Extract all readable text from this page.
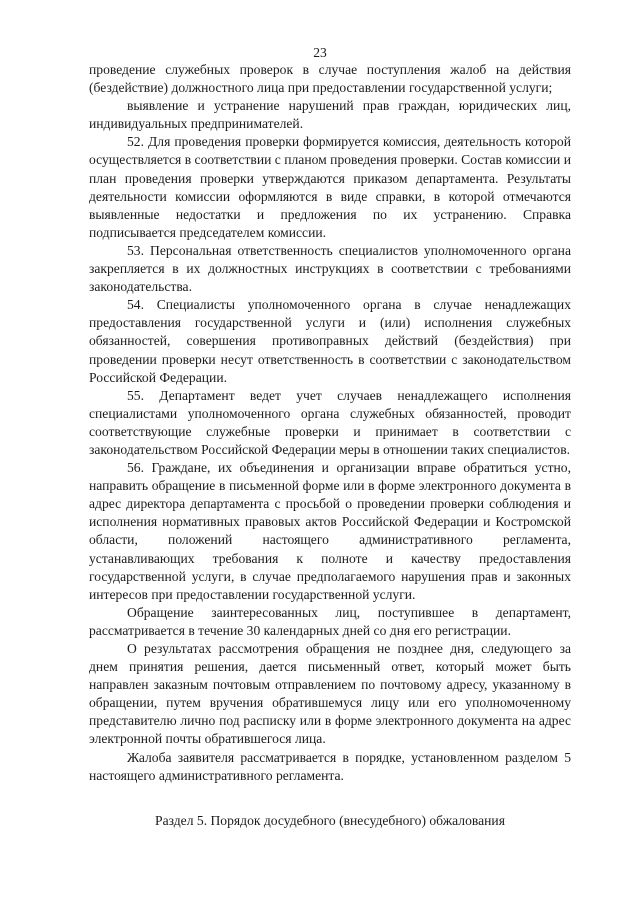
23

проведение служебных проверок в случае поступления жалоб на действия (бездействие) должностного лица при предоставлении государственной услуги;

выявление и устранение нарушений прав граждан, юридических лиц, индивидуальных предпринимателей.

52. Для проведения проверки формируется комиссия, деятельность которой осуществляется в соответствии с планом проведения проверки. Состав комиссии и план проведения проверки утверждаются приказом департамента. Результаты деятельности комиссии оформляются в виде справки, в которой отмечаются выявленные недостатки и предложения по их устранению. Справка подписывается председателем комиссии.

53. Персональная ответственность специалистов уполномоченного органа закрепляется в их должностных инструкциях в соответствии с требованиями законодательства.

54. Специалисты уполномоченного органа в случае ненадлежащих предоставления государственной услуги и (или) исполнения служебных обязанностей, совершения противоправных действий (бездействия) при проведении проверки несут ответственность в соответствии с законодательством Российской Федерации.

55. Департамент ведет учет случаев ненадлежащего исполнения специалистами уполномоченного органа служебных обязанностей, проводит соответствующие служебные проверки и принимает в соответствии с законодательством Российской Федерации меры в отношении таких специалистов.

56. Граждане, их объединения и организации вправе обратиться устно, направить обращение в письменной форме или в форме электронного документа в адрес директора департамента с просьбой о проведении проверки соблюдения и исполнения нормативных правовых актов Российской Федерации и Костромской области, положений настоящего административного регламента, устанавливающих требования к полноте и качеству предоставления государственной услуги, в случае предполагаемого нарушения прав и законных интересов при предоставлении государственной услуги.

Обращение заинтересованных лиц, поступившее в департамент, рассматривается в течение 30 календарных дней со дня его регистрации.

О результатах рассмотрения обращения не позднее дня, следующего за днем принятия решения, дается письменный ответ, который может быть направлен заказным почтовым отправлением по почтовому адресу, указанному в обращении, путем вручения обратившемуся лицу или его уполномоченному представителю лично под расписку или в форме электронного документа на адрес электронной почты обратившегося лица.

Жалоба заявителя рассматривается в порядке, установленном разделом 5 настоящего административного регламента.

Раздел 5. Порядок досудебного (внесудебного) обжалования
